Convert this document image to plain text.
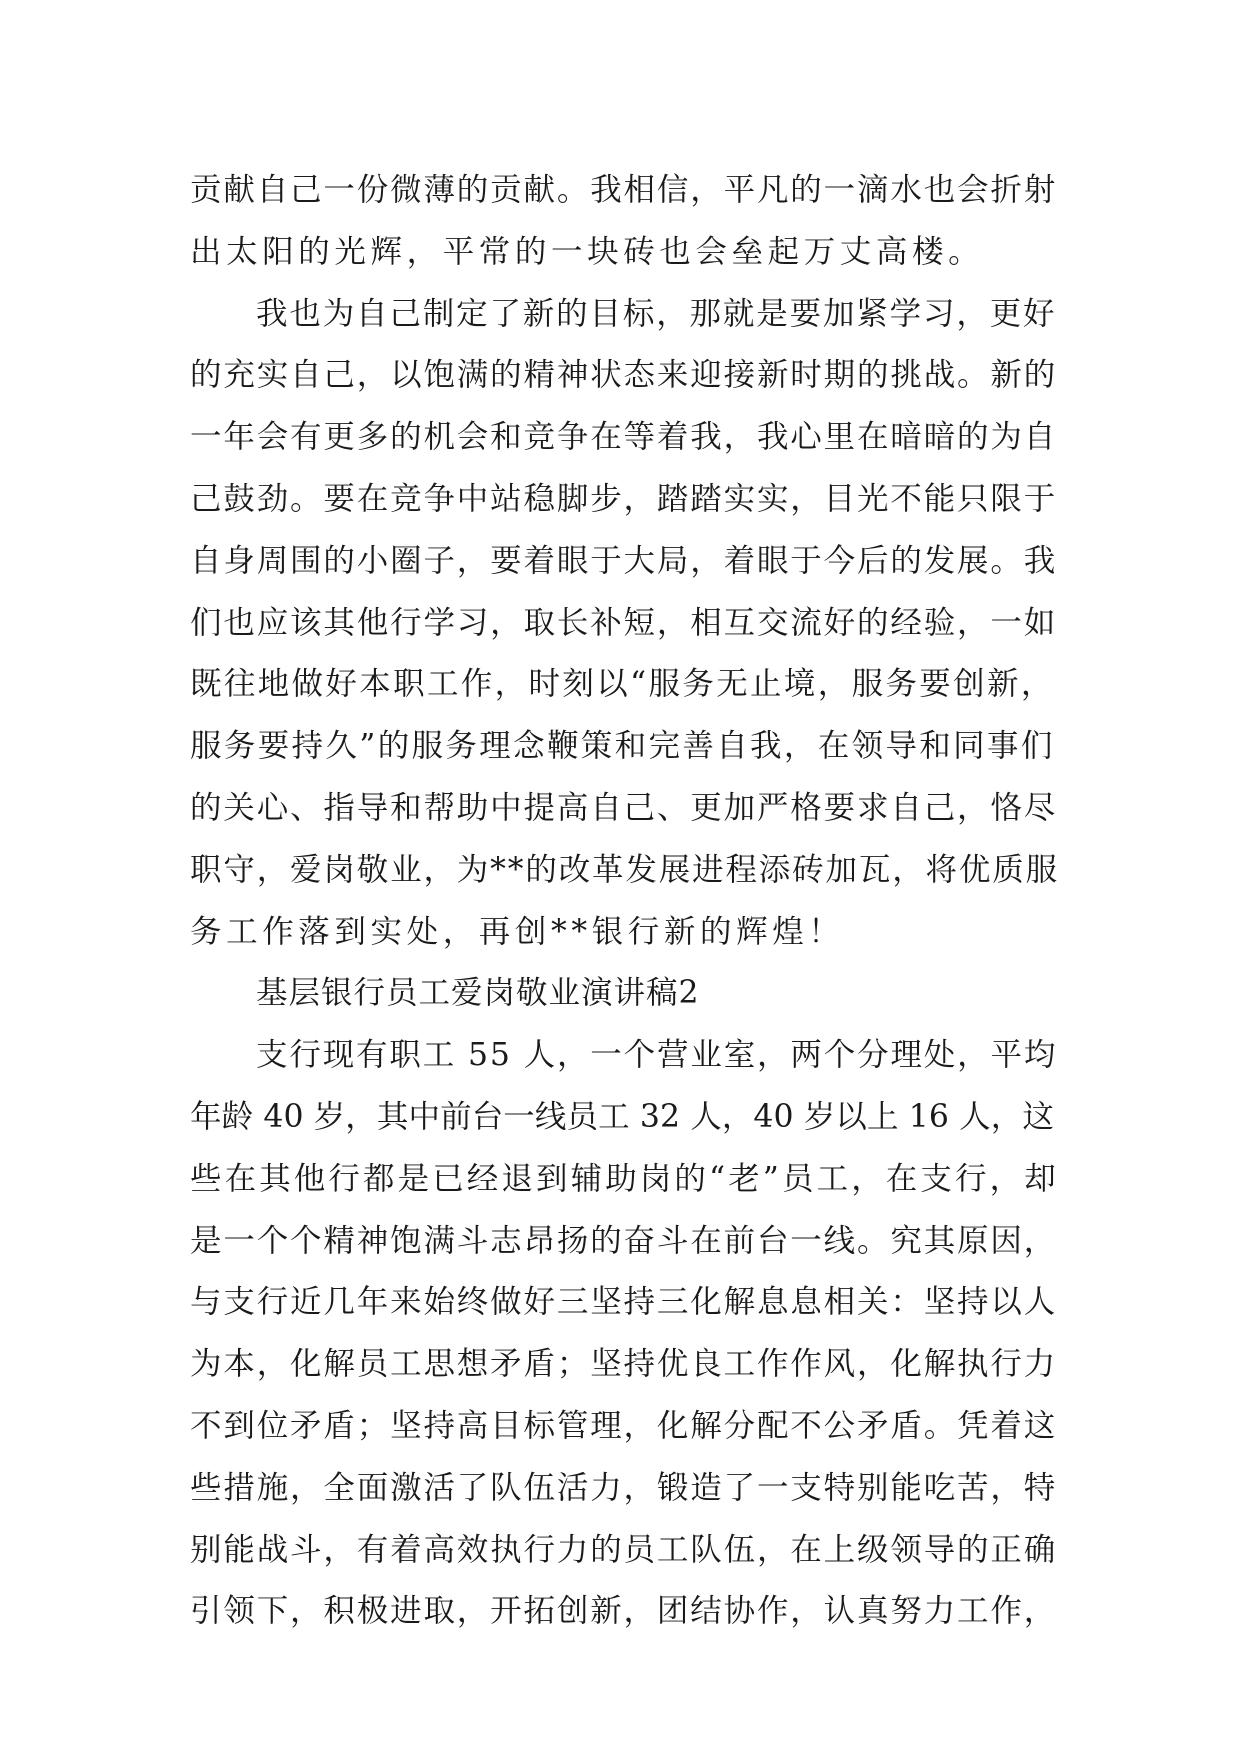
贡献自己一份微薄的贡献。我相信，平凡的一滴水也会折射
出太阳的光辉，平常的一块砖也会垒起万丈高楼。
我也为自己制定了新的目标，那就是要加紧学习，更好
的充实自己，以饱满的精神状态来迎接新时期的挑战。新的
一年会有更多的机会和竞争在等着我，我心里在暗暗的为自
己鼓劲。要在竞争中站稳脚步，踏踏实实，目光不能只限于
自身周围的小圈子，要着眼于大局，着眼于今后的发展。我
们也应该其他行学习，取长补短，相互交流好的经验，一如
既往地做好本职工作，时刻以“服务无止境，服务要创新，
服务要持久”的服务理念鞭策和完善自我，在领导和同事们
的关心、指导和帮助中提高自己、更加严格要求自己，恪尽
职守，爱岗敬业，为**的改革发展进程添砖加瓦，将优质服
务工作落到实处，再创**银行新的辉煌！
基层银行员工爱岗敬业演讲稿2
支行现有职工 55 人，一个营业室，两个分理处，平均
年龄 40 岁，其中前台一线员工 32 人，40 岁以上 16 人，这
些在其他行都是已经退到辅助岗的“老”员工，在支行，却
是一个个精神饱满斗志昂扬的奋斗在前台一线。究其原因，
与支行近几年来始终做好三坚持三化解息息相关：坚持以人
为本，化解员工思想矛盾；坚持优良工作作风，化解执行力
不到位矛盾；坚持高目标管理，化解分配不公矛盾。凭着这
些措施，全面激活了队伍活力，锻造了一支特别能吃苦，特
别能战斗，有着高效执行力的员工队伍，在上级领导的正确
引领下，积极进取，开拓创新，团结协作，认真努力工作，
